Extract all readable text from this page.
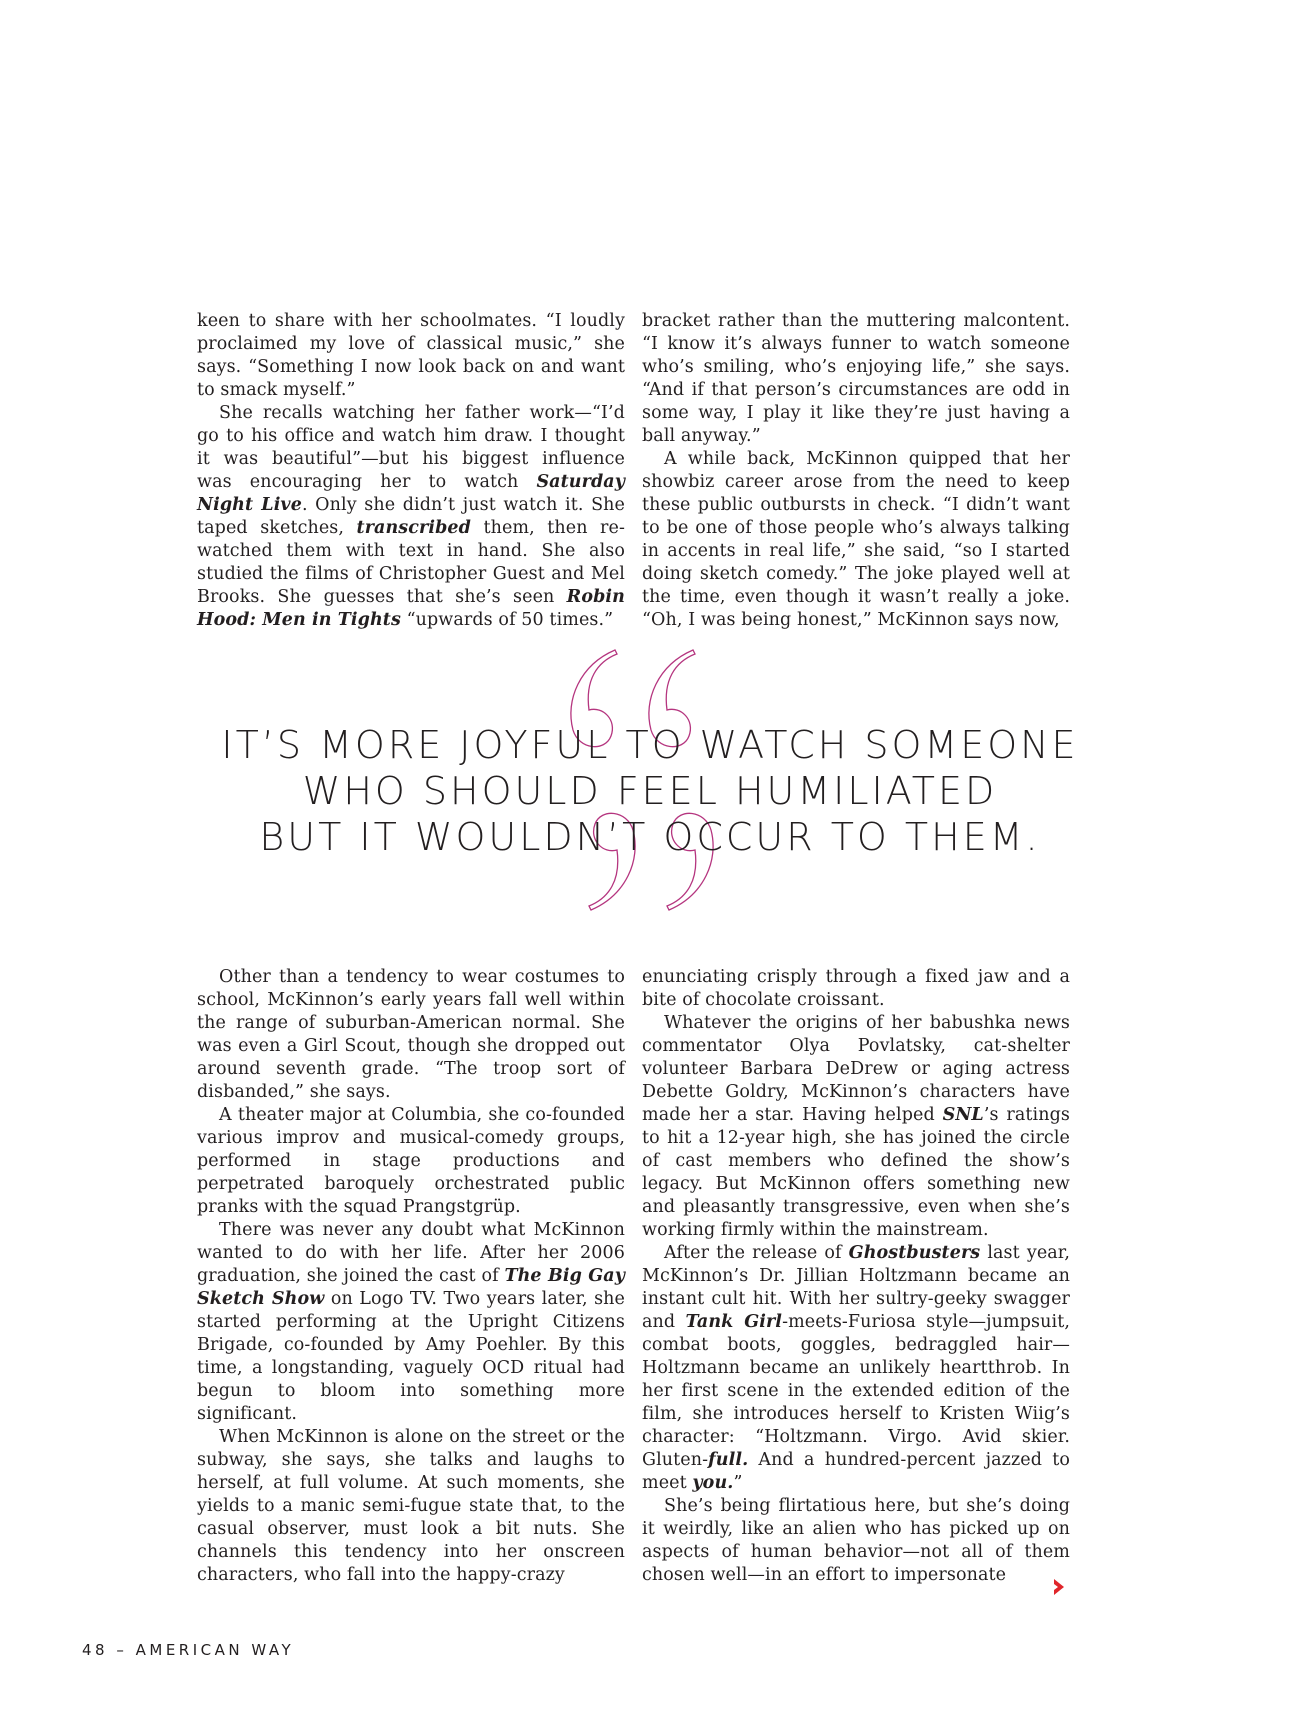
keen to share with her schoolmates. “I loudly proclaimed my love of classical music,” she says. “Something I now look back on and want to smack myself.”

She recalls watching her father work—“I’d go to his office and watch him draw. I thought it was beautiful”—but his biggest influence was encouraging her to watch Saturday Night Live. Only she didn’t just watch it. She taped sketches, transcribed them, then re-watched them with text in hand. She also studied the films of Christopher Guest and Mel Brooks. She guesses that she’s seen Robin Hood: Men in Tights “upwards of 50 times.”

bracket rather than the muttering malcontent. “I know it’s always funner to watch someone who’s smiling, who’s enjoying life,” she says. “And if that person’s circumstances are odd in some way, I play it like they’re just having a ball anyway.”

A while back, McKinnon quipped that her showbiz career arose from the need to keep these public outbursts in check. “I didn’t want to be one of those people who’s always talking in accents in real life,” she said, “so I started doing sketch comedy.” The joke played well at the time, even though it wasn’t really a joke. “Oh, I was being honest,” McKinnon says now,

IT’S MORE JOYFUL TO WATCH SOMEONE
WHO SHOULD FEEL HUMILIATED
BUT IT WOULDN’T OCCUR TO THEM.

Other than a tendency to wear costumes to school, McKinnon’s early years fall well within the range of suburban-American normal. She was even a Girl Scout, though she dropped out around seventh grade. “The troop sort of disbanded,” she says.

A theater major at Columbia, she co-founded various improv and musical-comedy groups, performed in stage productions and perpetrated baroquely orchestrated public pranks with the squad Prangstgrüp.

There was never any doubt what McKinnon wanted to do with her life. After her 2006 graduation, she joined the cast of The Big Gay Sketch Show on Logo TV. Two years later, she started performing at the Upright Citizens Brigade, co-founded by Amy Poehler. By this time, a longstanding, vaguely OCD ritual had begun to bloom into something more significant.

When McKinnon is alone on the street or the subway, she says, she talks and laughs to herself, at full volume. At such moments, she yields to a manic semi-fugue state that, to the casual observer, must look a bit nuts. She channels this tendency into her onscreen characters, who fall into the happy-crazy

enunciating crisply through a fixed jaw and a bite of chocolate croissant.

Whatever the origins of her babushka news commentator Olya Povlatsky, cat-shelter volunteer Barbara DeDrew or aging actress Debette Goldry, McKinnon’s characters have made her a star. Having helped SNL’s ratings to hit a 12-year high, she has joined the circle of cast members who defined the show’s legacy. But McKinnon offers something new and pleasantly transgressive, even when she’s working firmly within the mainstream.

After the release of Ghostbusters last year, McKinnon’s Dr. Jillian Holtzmann became an instant cult hit. With her sultry-geeky swagger and Tank Girl-meets-Furiosa style—jumpsuit, combat boots, goggles, bedraggled hair—Holtzmann became an unlikely heartthrob. In her first scene in the extended edition of the film, she introduces herself to Kristen Wiig’s character: “Holtzmann. Virgo. Avid skier. Gluten-full. And a hundred-percent jazzed to meet you.”

She’s being flirtatious here, but she’s doing it weirdly, like an alien who has picked up on aspects of human behavior—not all of them chosen well—in an effort to impersonate

48 – AMERICAN WAY
